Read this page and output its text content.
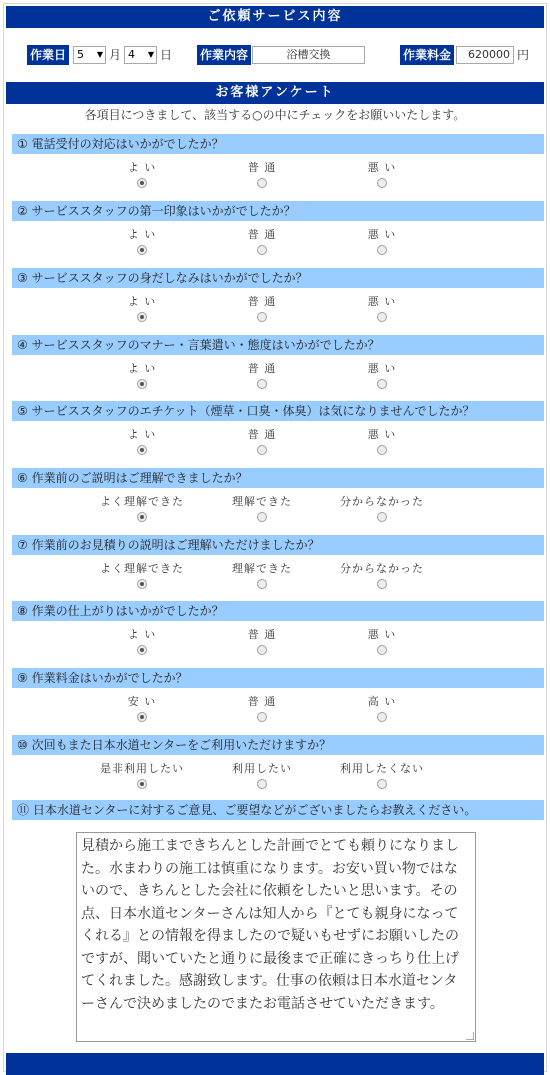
ご依頼サービス内容
作業日 5 ▼ 月 4 ▼ 日 作業内容	浴槽交換	作業料金	620000 円
お客様アンケート
各項目につきまして、該当する○の中にチェックをお願いいたします。
① 電話受付の対応はいかがでしたか？
よ い	普 通	悪 い
② サービススタッフの第一印象はいかがでしたか？
よ い	普 通	悪 い
③ サービススタッフの身だしなみはいかがでしたか？
よ い	普 通	悪 い
④ サービススタッフのマナー・言葉遣い・態度はいかがでしたか？
よ い	普 通	悪 い
⑤ サービススタッフのエチケット（煙草・口臭・体臭）は気になりませんでしたか？
よ い	普 通	悪 い
⑥ 作業前のご説明はご理解できましたか？
よく理解できた	理解できた	分からなかった
⑦ 作業前のお見積りの説明はご理解いただけましたか？
よく理解できた	理解できた	分からなかった
⑧ 作業の仕上がりはいかがでしたか？
よ い	普 通	悪 い
⑨ 作業料金はいかがでしたか？
安 い	普 通	高 い
⑩ 次回もまた日本水道センターをご利用いただけますか？
是非利用したい	利用したい	利用したくない
⑪ 日本水道センターに対するご意見、ご要望などがございましたらお教えください。
見積から施工まできちんとした計画でとても頼りになりました。水まわりの施工は慎重になります。お安い買い物ではないので、きちんとした会社に依頼をしたいと思います。その点、日本水道センターさんは知人から『とても親身になってくれる』との情報を得ましたので疑いもせずにお願いしたのですが、聞いていたと通りに最後まで正確にきっちり仕上げてくれました。感謝致します。仕事の依頼は日本水道センターさんで決めましたのでまたお電話させていただきます。
